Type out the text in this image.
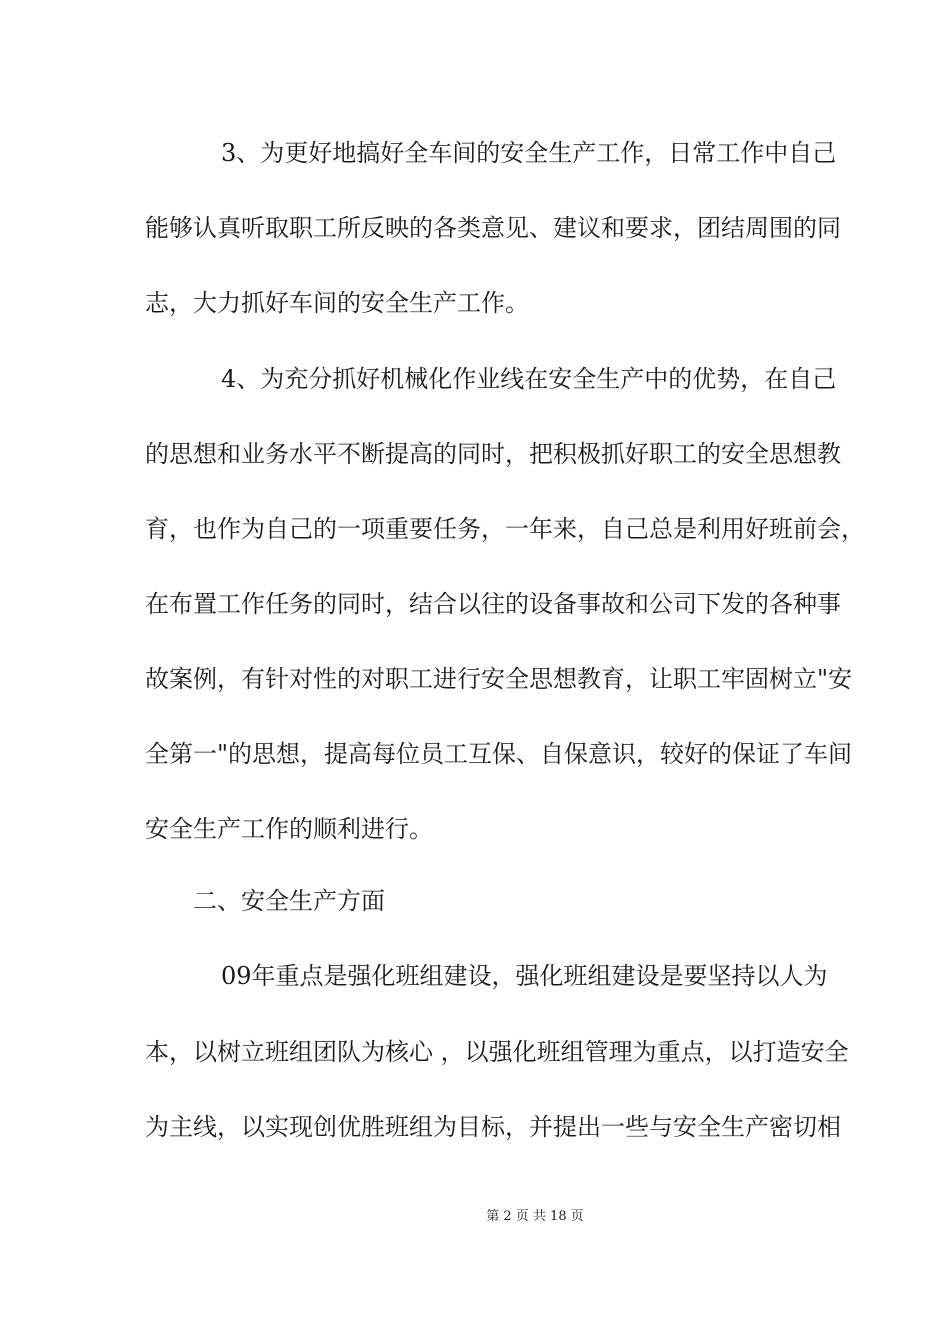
3、为更好地搞好全车间的安全生产工作，日常工作中自己
能够认真听取职工所反映的各类意见、建议和要求，团结周围的同
志，大力抓好车间的安全生产工作。
4、为充分抓好机械化作业线在安全生产中的优势，在自己
的思想和业务水平不断提高的同时，把积极抓好职工的安全思想教
育，也作为自己的一项重要任务，一年来，自己总是利用好班前会，
在布置工作任务的同时，结合以往的设备事故和公司下发的各种事
故案例，有针对性的对职工进行安全思想教育，让职工牢固树立"安
全第一"的思想，提高每位员工互保、自保意识，较好的保证了车间
安全生产工作的顺利进行。
二、安全生产方面
09年重点是强化班组建设，强化班组建设是要坚持以人为
本，以树立班组团队为核心 ，以强化班组管理为重点，以打造安全
为主线，以实现创优胜班组为目标，并提出一些与安全生产密切相
第 2 页 共 18 页
